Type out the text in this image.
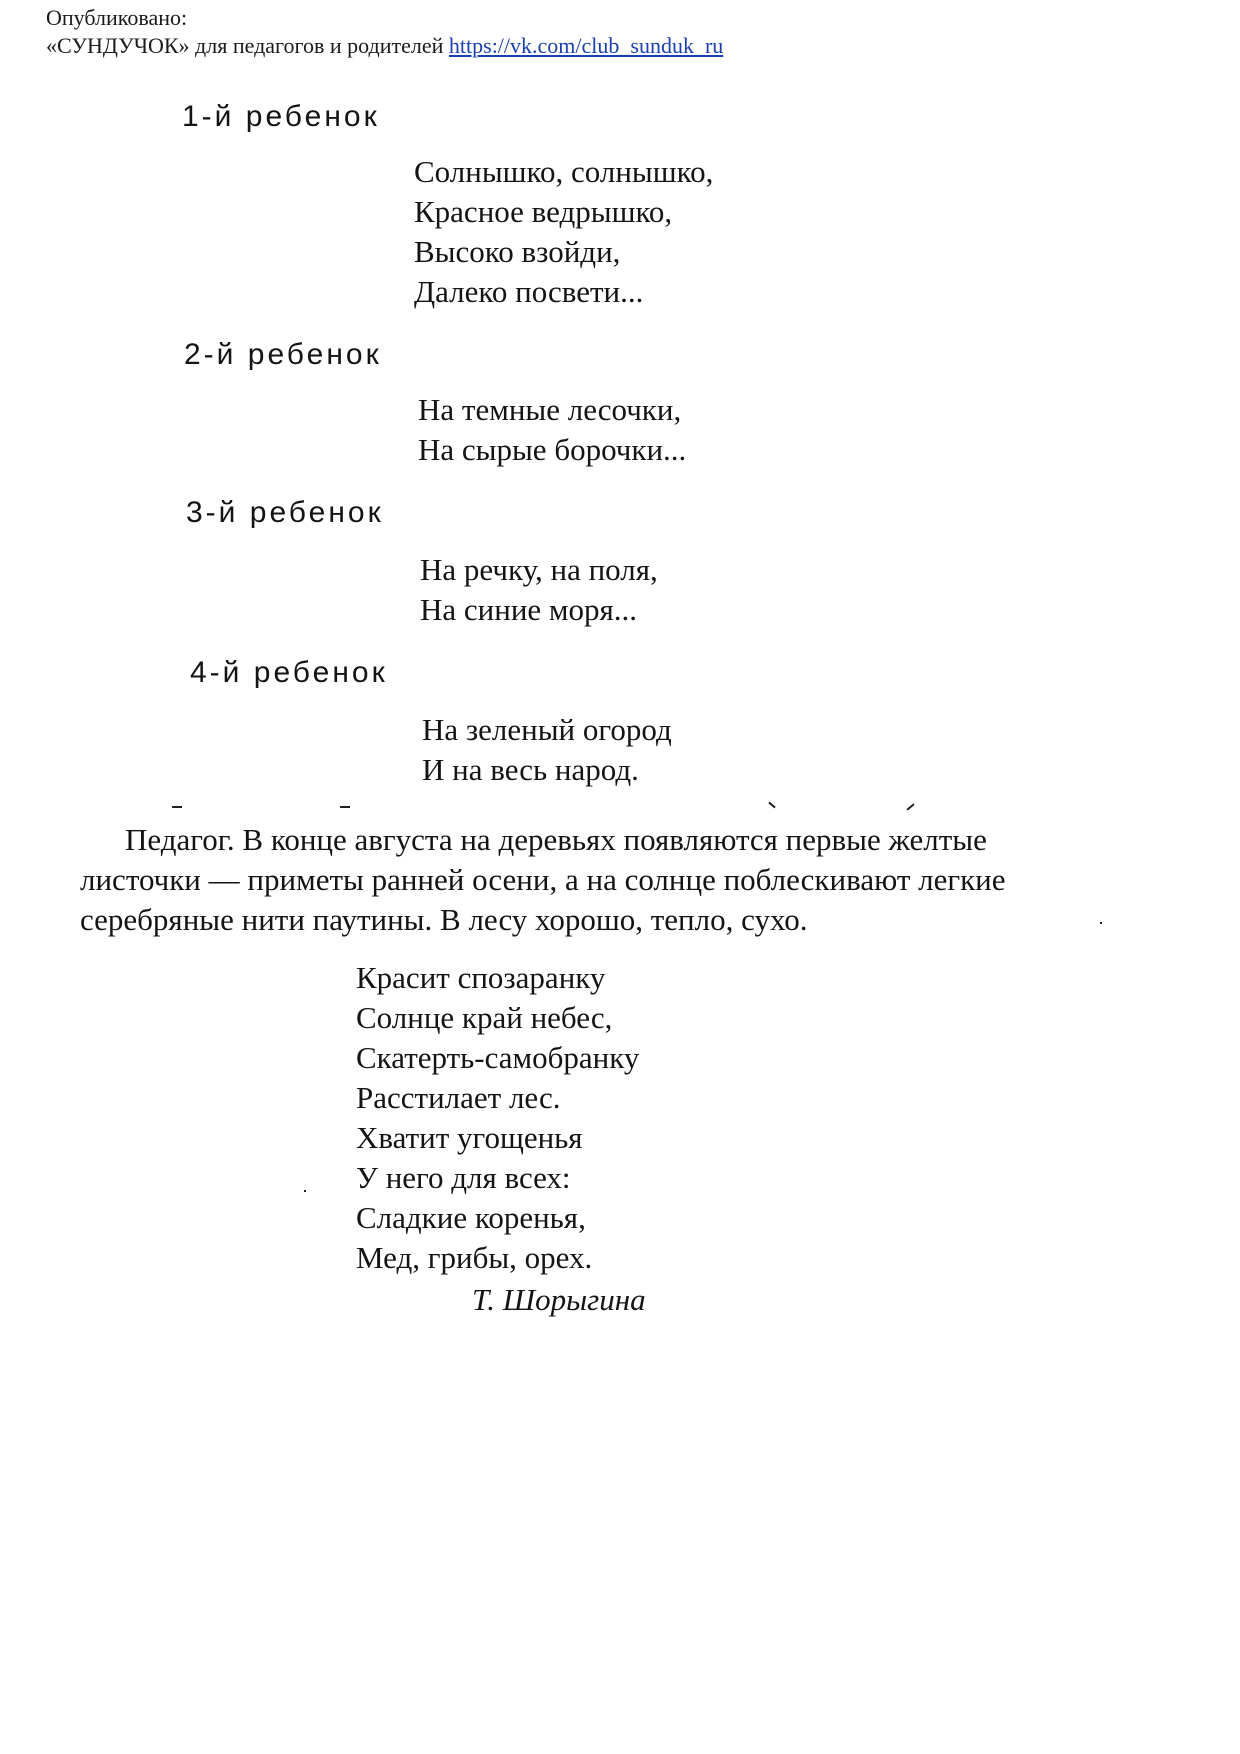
Опубликовано:
«СУНДУЧОК» для педагогов и родителей https://vk.com/club_sunduk_ru
1-й ребенок
Солнышко, солнышко,
Красное ведрышко,
Высоко взойди,
Далеко посвети...
2-й ребенок
На темные лесочки,
На сырые борочки...
3-й ребенок
На речку, на поля,
На синие моря...
4-й ребенок
На зеленый огород
И на весь народ.
Педагог. В конце августа на деревьях появляются первые желтые
листочки — приметы ранней осени, а на солнце поблескивают легкие
серебряные нити паутины. В лесу хорошо, тепло, сухо.
Красит спозаранку
Солнце край небес,
Скатерть-самобранку
Расстилает лес.
Хватит угощенья
У него для всех:
Сладкие коренья,
Мед, грибы, орех.
Т. Шорыгина
